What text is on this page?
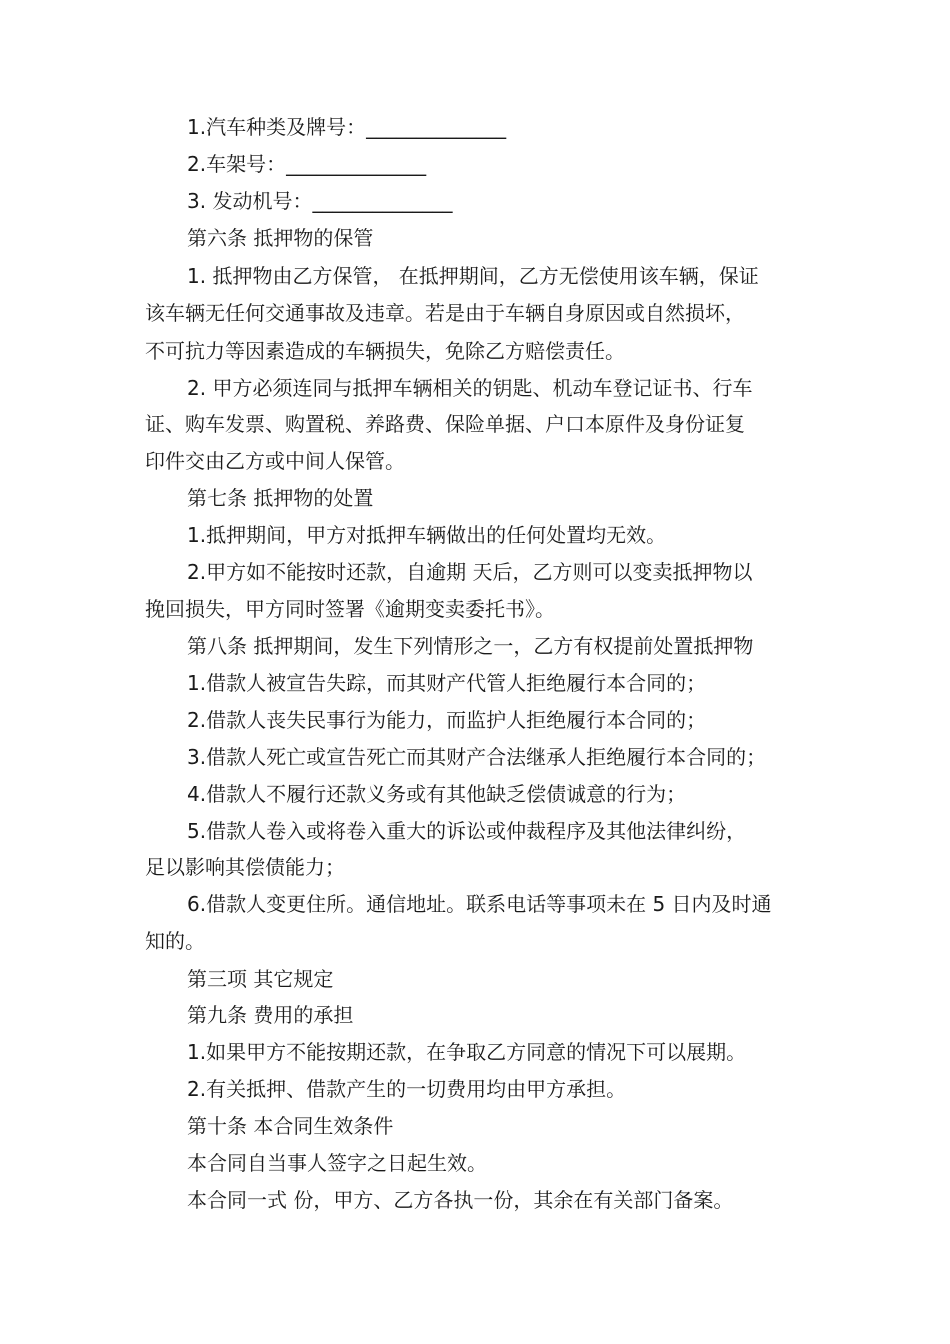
1.汽车种类及牌号：______________
2.车架号：______________
3. 发动机号：______________
第六条 抵押物的保管
1. 抵押物由乙方保管， 在抵押期间，乙方无偿使用该车辆，保证
该车辆无任何交通事故及违章。若是由于车辆自身原因或自然损坏，
不可抗力等因素造成的车辆损失，免除乙方赔偿责任。
2. 甲方必须连同与抵押车辆相关的钥匙、机动车登记证书、行车
证、购车发票、购置税、养路费、保险单据、户口本原件及身份证复
印件交由乙方或中间人保管。
第七条 抵押物的处置
1.抵押期间，甲方对抵押车辆做出的任何处置均无效。
2.甲方如不能按时还款，自逾期 天后，乙方则可以变卖抵押物以
挽回损失，甲方同时签署《逾期变卖委托书》。
第八条 抵押期间，发生下列情形之一，乙方有权提前处置抵押物
1.借款人被宣告失踪，而其财产代管人拒绝履行本合同的；
2.借款人丧失民事行为能力，而监护人拒绝履行本合同的；
3.借款人死亡或宣告死亡而其财产合法继承人拒绝履行本合同的；
4.借款人不履行还款义务或有其他缺乏偿债诚意的行为；
5.借款人卷入或将卷入重大的诉讼或仲裁程序及其他法律纠纷，
足以影响其偿债能力；
6.借款人变更住所。通信地址。联系电话等事项未在 5 日内及时通
知的。
第三项 其它规定
第九条 费用的承担
1.如果甲方不能按期还款，在争取乙方同意的情况下可以展期。
2.有关抵押、借款产生的一切费用均由甲方承担。
第十条 本合同生效条件
本合同自当事人签字之日起生效。
本合同一式 份，甲方、乙方各执一份，其余在有关部门备案。
